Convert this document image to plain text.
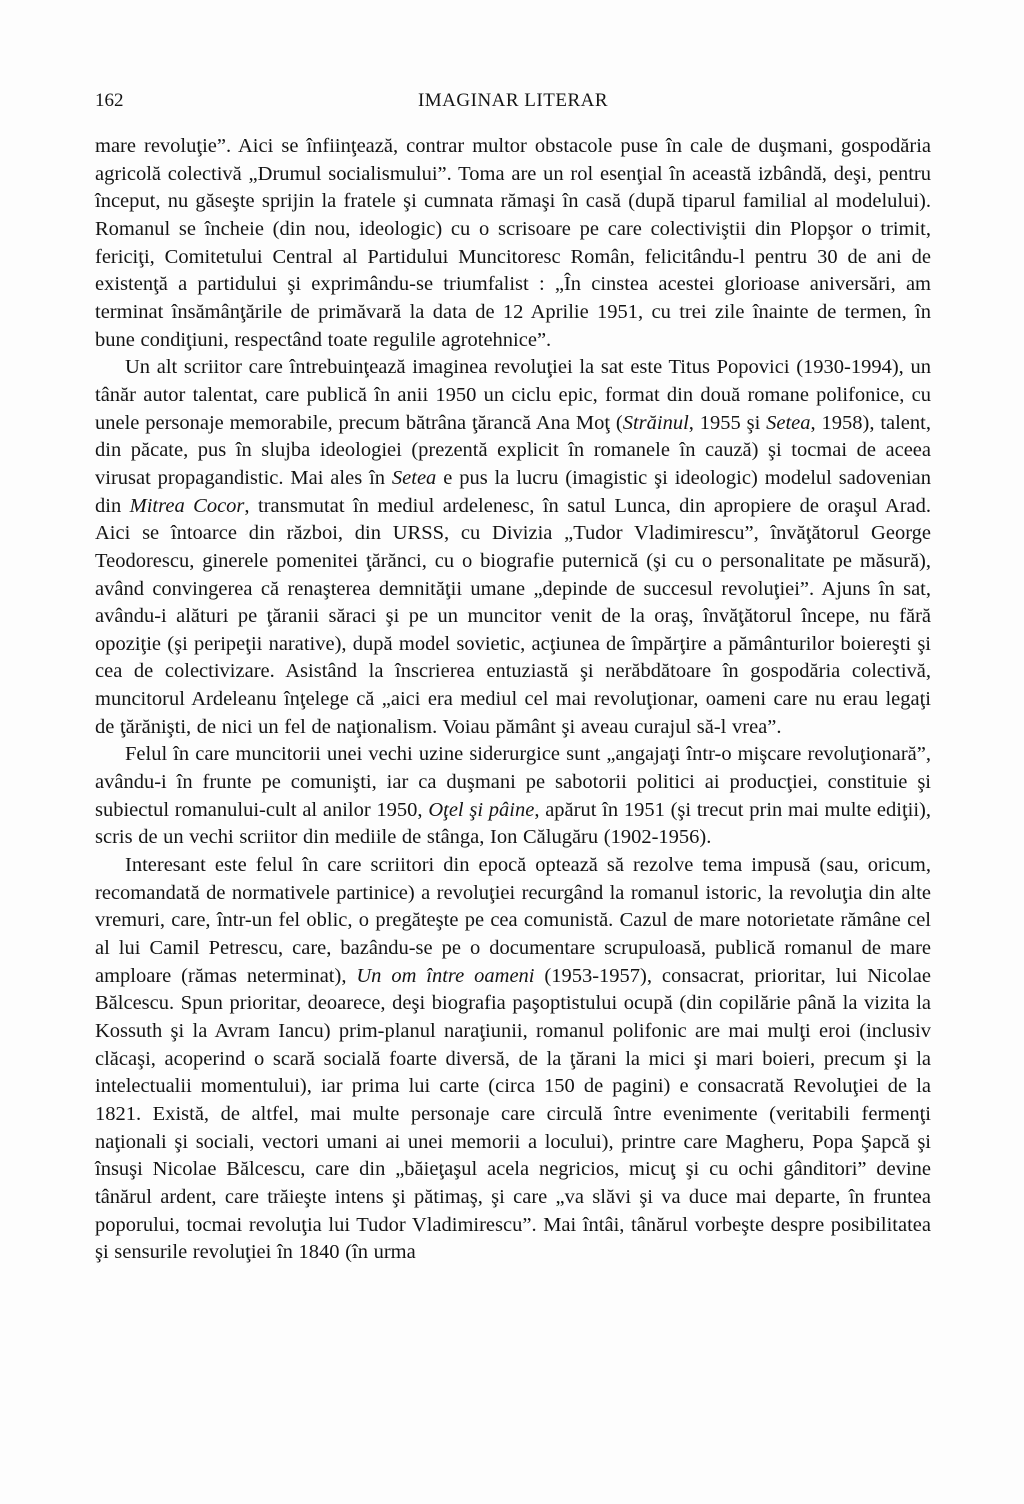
162	IMAGINAR LITERAR

mare revoluţie”. Aici se înfiinţează, contrar multor obstacole puse în cale de duşmani, gospodăria agricolă colectivă „Drumul socialismului”. Toma are un rol esenţial în această izbândă, deşi, pentru început, nu găseşte sprijin la fratele şi cumnata rămaşi în casă (după tiparul familial al modelului). Romanul se încheie (din nou, ideologic) cu o scrisoare pe care colectiviştii din Plopşor o trimit, fericiţi, Comitetului Central al Partidului Muncitoresc Român, felicitându-l pentru 30 de ani de existenţă a partidului şi exprimându-se triumfalist : „În cinstea acestei glorioase aniversări, am terminat însămânţările de primăvară la data de 12 Aprilie 1951, cu trei zile înainte de termen, în bune condiţiuni, respectând toate regulile agrotehnice”.

Un alt scriitor care întrebuinţează imaginea revoluţiei la sat este Titus Popovici (1930-1994), un tânăr autor talentat, care publică în anii 1950 un ciclu epic, format din două romane polifonice, cu unele personaje memorabile, precum bătrâna ţărancă Ana Moţ (Străinul, 1955 şi Setea, 1958), talent, din păcate, pus în slujba ideologiei (prezentă explicit în romanele în cauză) şi tocmai de aceea virusat propagandistic. Mai ales în Setea e pus la lucru (imagistic şi ideologic) modelul sadovenian din Mitrea Cocor, transmutat în mediul ardelenesc, în satul Lunca, din apropiere de oraşul Arad. Aici se întoarce din război, din URSS, cu Divizia „Tudor Vladimirescu”, învăţătorul George Teodorescu, ginerele pomenitei ţărănci, cu o biografie puternică (şi cu o personalitate pe măsură), având convingerea că renaşterea demnităţii umane „depinde de succesul revoluţiei”. Ajuns în sat, avându-i alături pe ţăranii săraci şi pe un muncitor venit de la oraş, învăţătorul începe, nu fără opoziţie (şi peripeţii narative), după model sovietic, acţiunea de împărţire a pământurilor boiereşti şi cea de colectivizare. Asistând la înscrierea entuziastă şi nerăbdătoare în gospodăria colectivă, muncitorul Ardeleanu înţelege că „aici era mediul cel mai revoluţionar, oameni care nu erau legaţi de ţărănişti, de nici un fel de naţionalism. Voiau pământ şi aveau curajul să-l vrea”.

Felul în care muncitorii unei vechi uzine siderurgice sunt „angajaţi într-o mişcare revoluţionară”, avându-i în frunte pe comunişti, iar ca duşmani pe sabotorii politici ai producţiei, constituie şi subiectul romanului-cult al anilor 1950, Oţel şi pâine, apărut în 1951 (şi trecut prin mai multe ediţii), scris de un vechi scriitor din mediile de stânga, Ion Călugăru (1902-1956).

Interesant este felul în care scriitori din epocă optează să rezolve tema impusă (sau, oricum, recomandată de normativele partinice) a revoluţiei recurgând la romanul istoric, la revoluţia din alte vremuri, care, într-un fel oblic, o pregăteşte pe cea comunistă. Cazul de mare notorietate rămâne cel al lui Camil Petrescu, care, bazându-se pe o documentare scrupuloasă, publică romanul de mare amploare (rămas neterminat), Un om între oameni (1953-1957), consacrat, prioritar, lui Nicolae Bălcescu. Spun prioritar, deoarece, deşi biografia paşoptistului ocupă (din copilărie până la vizita la Kossuth şi la Avram Iancu) prim-planul naraţiunii, romanul polifonic are mai mulţi eroi (inclusiv clăcaşi, acoperind o scară socială foarte diversă, de la ţărani la mici şi mari boieri, precum şi la intelectualii momentului), iar prima lui carte (circa 150 de pagini) e consacrată Revoluţiei de la 1821. Există, de altfel, mai multe personaje care circulă între evenimente (veritabili fermenţi naţionali şi sociali, vectori umani ai unei memorii a locului), printre care Magheru, Popa Şapcă şi însuşi Nicolae Bălcescu, care din „băieţaşul acela negricios, micuţ şi cu ochi gânditori” devine tânărul ardent, care trăieşte intens şi pătimaş, şi care „va slăvi şi va duce mai departe, în fruntea poporului, tocmai revoluţia lui Tudor Vladimirescu”. Mai întâi, tânărul vorbeşte despre posibilitatea şi sensurile revoluţiei în 1840 (în urma
